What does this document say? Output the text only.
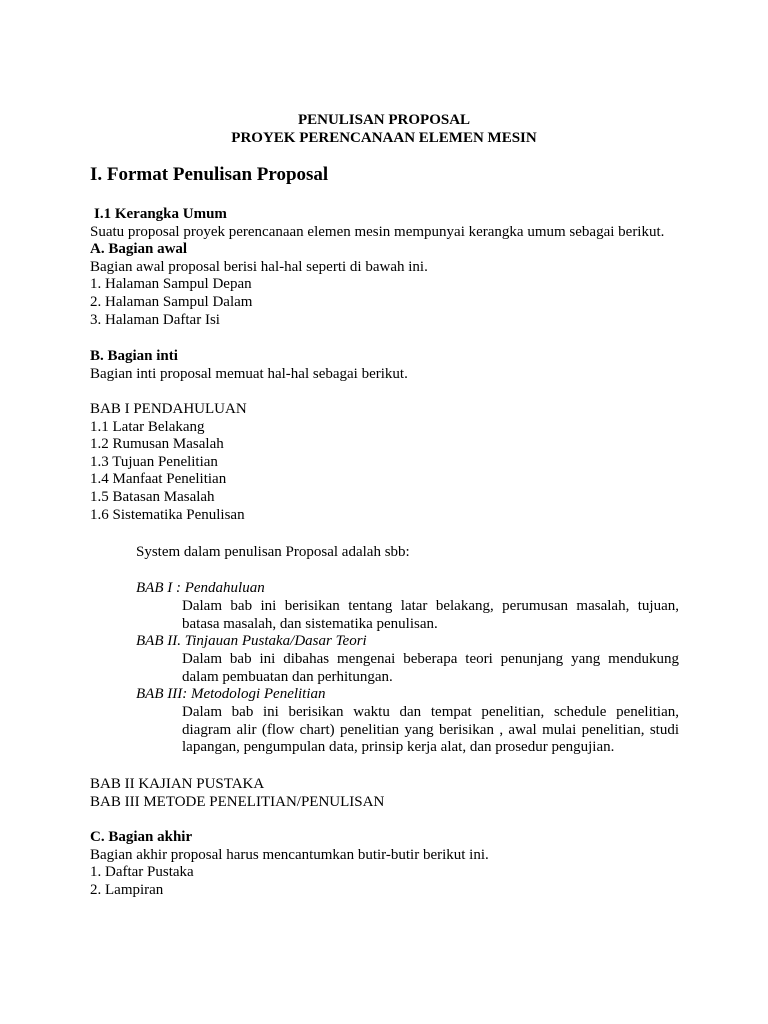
PENULISAN PROPOSAL
PROYEK PERENCANAAN ELEMEN MESIN
I. Format Penulisan Proposal
I.1 Kerangka Umum
Suatu proposal proyek perencanaan elemen mesin mempunyai kerangka umum sebagai berikut.
A. Bagian awal
Bagian awal proposal berisi hal-hal seperti di bawah ini.
1. Halaman Sampul Depan
2. Halaman Sampul Dalam
3. Halaman Daftar Isi
B. Bagian inti
Bagian inti proposal memuat hal-hal sebagai berikut.
BAB I PENDAHULUAN
1.1 Latar Belakang
1.2 Rumusan Masalah
1.3 Tujuan Penelitian
1.4 Manfaat Penelitian
1.5 Batasan Masalah
1.6 Sistematika Penulisan
System dalam penulisan Proposal adalah sbb:
BAB I : Pendahuluan
Dalam bab ini berisikan tentang latar belakang, perumusan masalah, tujuan,
batasa masalah, dan sistematika penulisan.
BAB II. Tinjauan Pustaka/Dasar Teori
Dalam bab ini dibahas mengenai beberapa teori penunjang yang mendukung
dalam pembuatan dan perhitungan.
BAB III: Metodologi Penelitian
Dalam bab ini berisikan waktu dan tempat penelitian, schedule penelitian,
diagram alir (flow chart) penelitian yang berisikan , awal mulai penelitian, studi
lapangan, pengumpulan data, prinsip kerja alat, dan prosedur pengujian.
BAB II KAJIAN PUSTAKA
BAB III METODE PENELITIAN/PENULISAN
C. Bagian akhir
Bagian akhir proposal harus mencantumkan butir-butir berikut ini.
1. Daftar Pustaka
2. Lampiran
